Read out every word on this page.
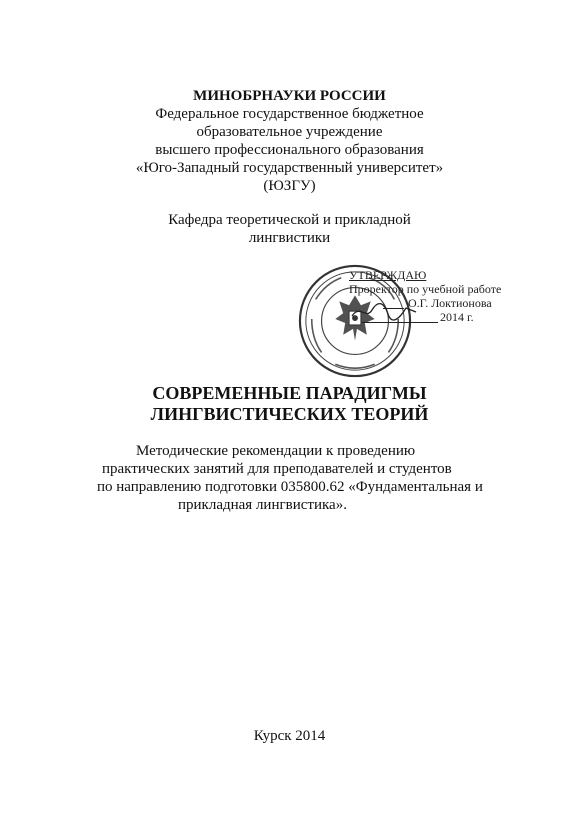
МИНОБРНАУКИ РОССИИ
Федеральное государственное бюджетное
образовательное учреждение
высшего профессионального образования
«Юго-Западный государственный университет»
(ЮЗГУ)
Кафедра теоретической и прикладной
лингвистики
УТВЕРЖДАЮ
Проректор по учебной работе
О.Г. Локтионова
2014 г.
СОВРЕМЕННЫЕ ПАРАДИГМЫ
ЛИНГВИСТИЧЕСКИХ ТЕОРИЙ
Методические рекомендации к проведению
практических занятий для преподавателей и студентов
по направлению подготовки 035800.62 «Фундаментальная и
прикладная лингвистика».
Курск 2014
